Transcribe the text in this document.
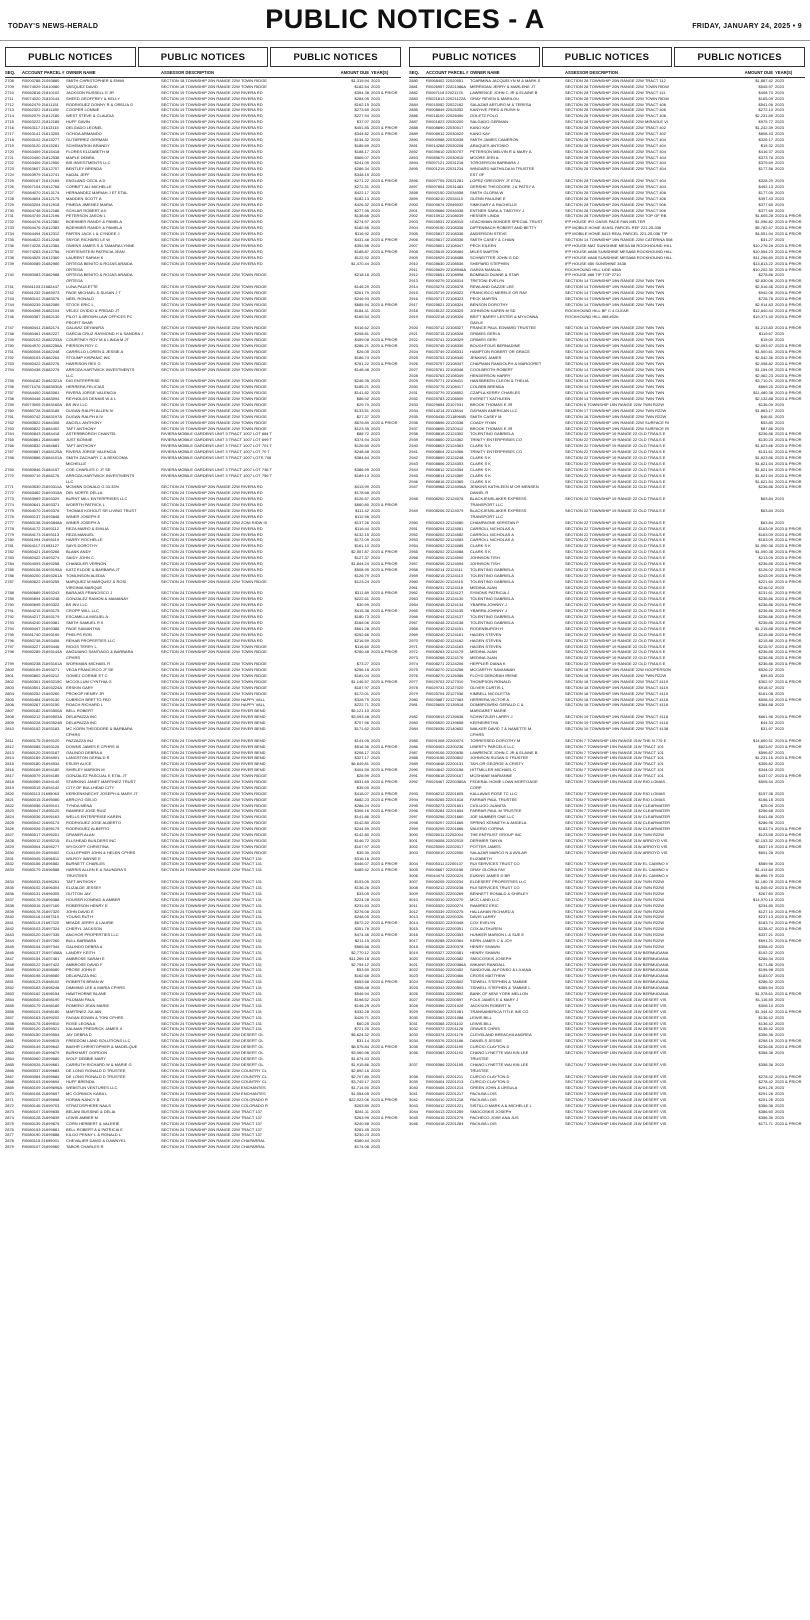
TODAY'S NEWS-HERALD	PUBLIC NOTICES - A	FRIDAY, JANUARY 24, 2025 • 9
PUBLIC NOTICES	PUBLIC NOTICES	PUBLIC NOTICES
SEQ.	ACCOUNT PARCEL # OWNER NAME	ASSESSOR DESCRIPTION	AMOUNT DUE YEAR(S)
2708	R0000788 21093880	SMITH CHRISTOPHER & EMMI	SECTION 18 TOWNSHIP 20N RANGE 22W TOWN RIDGE	$1,319.94 2023
2709	R0074029 21610080	VASQUEZ DAVID	SECTION 18 TOWNSHIP 20N RANGE 22W TOWN RIDGE	$182.54 2023
2710	R0082816 21810102	JACKSON RUSSELL E JR	SECTION 19 TOWNSHIP 20N RANGE 22W RIVERA RD	$394.38 2023 & PRIOR
2711	R0074020 21810144	SHEED GEOFFREY & KELLY	SECTION 19 TOWNSHIP 20N RANGE 22W RIVERA RD	$284.05 2023
2712	R0062479 21611151	RODRIGUEZ DONNY R & ORELIA G	SECTION 19 TOWNSHIP 20N RANGE 22W RIVERA RD	$162.15 2023
2713	R0062322 21811189	COOPER LONNIE	SECTION 19 TOWNSHIP 20N RANGE 22W RIVERA RD	$273.65 2023
2714	R0052079 21812180	WEST STEVE & CLAUDIA	SECTION 19 TOWNSHIP 20N RANGE 22W RIVERA RD	$227.94 2023
2715	R0063222 21812189	HUFF GAVIN	SECTION 19 TOWNSHIP 20N RANGE 22W RIVERA RD	$37.07 2023
2716	R0063117 21613115	DELGADO LEONEL	SECTION 19 TOWNSHIP 20N RANGE 22W RIVERA RD	$451.85 2023 & PRIOR
2717	R0063141 21613205	OCHOA ARMANDO	SECTION 19 TOWNSHIP 20N RANGE 22W RIVERA RD	$344.82 2023 & PRIOR
2718	R0063102 21615277	GUTIERREZ GERMAN	SECTION 19 TOWNSHIP 20N RANGE 22W RIVERA RD	$134.32 2023
2719	R0063120 21615281	SCHEMATKIN BRANDY	SECTION 19 TOWNSHIP 20N RANGE 22W RIVERA RD	$185.69 2023
2720	R0063409 21615418	FLORES ELIZABETH M	SECTION 19 TOWNSHIP 20N RANGE 22W RIVERA RD	$188.17 2023
2721	R0020400 21812538	MAPLE DEBRA	SECTION 19 TOWNSHIP 20N RANGE 22W RIVERA RD	$565.07 2023
2722	R0063409 21612550	BIS INVESTMENTS LLC	SECTION 19 TOWNSHIP 20N RANGE 22W RIVERA RD	$241.09 2023
2723	R0063607 21612707	BENTLEY BRENDA	SECTION 19 TOWNSHIP 20N RANGE 22W RIVERA RD	$286.34 2023
2724	R0063979 21612741	KADAL JEFF	SECTION 19 TOWNSHIP 20N RANGE 22W RIVERA RD	$348.15 2023
2725	R0080187 21612169	ENGLAND CECIL A D	SECTION 19 TOWNSHIP 20N RANGE 22W RIVERA RD	$271.22 2023 & PRIOR
2726	R0067104 21612768	CORBITT ALI MICHELLE	SECTION 19 TOWNSHIP 20N RANGE 22W RIVERA RD	$272.31 2023
2727	R0084070 21613174	HERNANDEZ MARIAH J ET ETAL	SECTION 19 TOWNSHIP 20N RANGE 22W RIVERA RD	$422.17 2023
2728	R0064604 21612175	MADDEN SCOTT A	SECTION 19 TOWNSHIP 20N RANGE 22W RIVERA RD	$182.13 2023
2729	R0083204 21612918	PINEDA JIMENEZ MARIA	SECTION 19 TOWNSHIP 20N RANGE 22W RIVERA RD	$426.32 2023 & PRIOR
2730	R0064748 21612186	SCHLAR ROBERT A II	SECTION 19 TOWNSHIP 20N RANGE 22W RIVERA RD	$277.95 2023
2731	R0064749 21612196	PETERSON JASON L	SECTION 19 TOWNSHIP 20N RANGE 22W RIVERA RD	$138.66 2023
2732	R0064476 21612382	BOEHMER RANDY & PAMELA	SECTION 19 TOWNSHIP 20N RANGE 22W RIVERA RD	$274.97 2023
2733	R0064476 21612383	BOEHMER RANDY & PAMELA	SECTION 19 TOWNSHIP 20N RANGE 22W RIVERA RD	$182.56 2023
2734	R0064494 21612312	PARTIN JACK L & CYNDEE J	SECTION 19 TOWNSHIP 20N RANGE 22W RIVERA RD	$116.92 2023
2735	R0064622 21612248	SNYDE RICHARD LE W	SECTION 19 TOWNSHIP 20N RANGE 22W RIVERA RD	$431.48 2023 & PRIOR
2736	R0074228 21612384	OWENS JAMES S & TAMARA LYNNE	SECTION 19 TOWNSHIP 20N RANGE 22W RIVERA RD	$352.56 2023
2737	R0074263 21612756	HORTENSTEIN PATRICIA JEAN	SECTION 19 TOWNSHIP 20N RANGE 22W RIVERA RD	$188.87 2023 & PRIOR
2738	R0064525 21612360	LAURENT SARAH K	SECTION 19 TOWNSHIP 20N RANGE 22W RIVERA RD	$122.52 2023
2739	R0080089 21682980	ORTEGA BENITO & ROJAS ARAIDA	SECTION 19 TOWNSHIP 20N RANGE 22W RIVERA RD	$1,470.44 2023
ORTEGA
2740	R0080083 21682988	ORTEGA BENITO & ROJAS ARAIDA	SECTION 19 TOWNSHIP 20N RANGE 22W TOWN RIDGE	$218.18 2023
ORTEGA
2741	R0081103 21682447	LUNA PAULETTE	SECTION 19 TOWNSHIP 20N RANGE 22W TOWN RIDGE	$146.29 2023
2742	R0081232 21683073	PAGE MICHAEL & SUSAN J T	SECTION 19 TOWNSHIP 20N RANGE 22W TOWN RIDGE	$261.79 2023
2743	R0080102 21683076	NEEL RONALD	SECTION 19 TOWNSHIP 20N RANGE 22W TOWN RIDGE	$246.93 2023
2744	R0080239 21682089	STOCK ERIC L	SECTION 19 TOWNSHIP 20N RANGE 22W TOWN RIDGE	$685.94 2023 & PRIOR
2745	R0064398 21682104	VELEZ OVIDIO & PRIDAD JT	SECTION 19 TOWNSHIP 20N RANGE 22W TOWN RIDGE	$184.41 2023
2746	R0080387 21682130	PILOT & BROWN LAW OFFICES PC	SECTION 19 TOWNSHIP 20N RANGE 22W TOWN RIDGE	$165.54 2023
PROFIT SHAR
2747	R0080441 21682174	GALAVIZ DEYANIRA	SECTION 19 TOWNSHIP 20N RANGE 22W TOWN RIDGE	$416.62 2023
2748	R0080461 21682227	GARCIA CRUZ RAYMOND H & SANDRA J	SECTION 19 TOWNSHIP 20N RANGE 22W TOWN RIDGE	$208.81 2023
2749	R0082102 21682233A COURTNEY ROY M & LINDA M JT	SECTION 19 TOWNSHIP 20N RANGE 22W TOWN RIDGE	$459.08 2023 & PRIOR
2750	R0064970 21682256A PIERSON ROY C	SECTION 19 TOWNSHIP 20N RANGE 22W TOWN RIDGE	$286.21 2023 & PRIOR
2751	R0080008 21682248	CARRILLO LOREN & JESSIE A	SECTION 19 TOWNSHIP 20N RANGE 22W TOWN RIDGE	$26.05 2023
2752	R0080103 21682264	STOUMP KISPANIC INC	SECTION 19 TOWNSHIP 20N RANGE 22W TOWN RIDGE	$186.74 2023
2753	R0080422 21682276	HARRISON REX G	SECTION 19 TOWNSHIP 20N RANGE 22W TOWN RIDGE	$781.22 2023 & PRIOR
2754	R0080438 21682276	ARROZA HARTWICK INVESTMENTS	SECTION 19 TOWNSHIP 20N RANGE 22W TOWN RIDGE	$148.48 2023
LLC
2755	R0084182 21682321A DIG ENTERPRISE	SECTION 19 TOWNSHIP 20N RANGE 22W TOWN RIDGE	$246.35 2023
2756	R0071076 21683030A HERRERA FELICIAS	SECTION 19 TOWNSHIP 20N RANGE 22W TOWN RIDGE	$185.21 2023
2757	R0084400 21683081	RIVERA JORGE VALENCIA	SECTION 19 TOWNSHIP 20N RANGE 22W TOWN RIDGE	$141.82 2023
2758	R0080446 21683094	REYNOLDS DENNIS W & L	SECTION 19 TOWNSHIP 20N RANGE 22W TOWN RIDGE	$86.92 2023
2759	R0073005 21683160A BS INV LLC	SECTION 19 TOWNSHIP 20N RANGE 22W TOWN RIDGE	$29.70 2023
2760	R0080728 21683185	DUGAN RALPH ALLEN IV	SECTION 19 TOWNSHIP 20N RANGE 22W TOWN RIDGE	$133.51 2023
2761	R0080742 21683197A DUGAN RALPH A IV	SECTION 19 TOWNSHIP 20N RANGE 22W TOWN RIDGE	$27.37 2023
2762	R0080822 21684306	ANCELL ANTHONY	SECTION 19 TOWNSHIP 20N RANGE 22W TOWN RIDGE	$676.89 2023 & PRIOR
2763	R0080822 21684402	TAFT ANTHONY	SECTION 19 TOWNSHIP 20N RANGE 22W TOWN RIDGE	$123.35 2023
2764	R0080843 21684418	ASTERBBORGH CHANTEL	RIVIERA MOBILE GARDENS UNIT 3 TRACT 1007 LOT 684 T	$88.72 2023
2765	R0080861 21684469	JUST BONNIE	RIVIERA MOBILE GARDENS UNIT 3 TRACT 1007 LOT 699 T	$374.94 2023
2766	R0080832 21684681	TAFT ANTHONY	RIVIERA MOBILE GARDENS UNIT 3 TRACT 1007 LOT 701 T	$126.60 2023
2767	R0080887 21684125A RIVERA JORGE VALENCIA	RIVIERA MOBILE GARDENS UNIT 3 TRACT 1007 LOT 70 T	$248.48 2023
2768	R0080886 21684101A SMITH ZACHARY C & BENCOMA	RIVIERA MOBILE GARDENS UNIT 3 TRACT 1007 LOTS 708	$384.64 2023
MICHELLE
2769	R0080846 21684157	COE CHARLES C JT SE	RIVIERA MOBILE GARDENS UNIT 3 TRACT 1007 LOT 736 T	$386.99 2023
2770	R0080719 21684176	ARROZA HARTWICK INVESTMENTS	RIVIERA MOBILE GARDENS UNIT 3 TRACT 1007 LOT 756 T	$189.13 2023
LLC
2771	R0083530 21693311A	MCMINN DONALD G 33.33%	SECTION 24 TOWNSHIP 20N RANGE 22W RIVERA RD	$413.99 2023
2772	R0083462 21693315A DEL NORTE DELLA	SECTION 24 TOWNSHIP 20N RANGE 22W RIVERA RD	$178.68 2023
2773	R0083969 21693329	BURNT MILL ENTERPRISES LLC	SECTION 24 TOWNSHIP 20N RANGE 22W RIVERA RD	$126.57 2023
2774	R0080641 21693371	WOERTH PATRICK L	SECTION 24 TOWNSHIP 20N RANGE 22W RIVERA RD	$660.80 2023 & PRIOR
2775	R0064070 21693376	THOMAS KOHOUT SR LIVING TRUST	SECTION 24 TOWNSHIP 20N RANGE 22W RIVERA RD	$111.42 2023
2776	R0080137 21693848	WINER JOSEPH E	SECTION 24 TOWNSHIP 20N RANGE 22W RIVERA RD	$112.56 2023
2777	R0080138 21693848A WINER JOSEPH A	SECTION 24 TOWNSHIP 20N RANGE 22W ZONI RIDW III	$137.26 2023
2778	R0084172 21693112	REZA MARIO & EMILIA	SECTION 24 TOWNSHIP 20N RANGE 22W RIVERA RD	$116.44 2023
2779	R0084173 21693113	REZA MANUEL	SECTION 24 TOWNSHIP 20N RANGE 22W RIVERA RD	$132.15 2023
2780	R0081094 21693119	HARRY ROCHELLE	SECTION 24 TOWNSHIP 20N RANGE 22W RIVERA RD	$172.09 2023
2781	R0064117 21693127	SAYS DOROTHY	SECTION 24 TOWNSHIP 20N RANGE 22W RIVERA RD	$161.10 2023
2782	R0080421 21693266	BLANK ANDY	SECTION 24 TOWNSHIP 20N RANGE 22W RIVERA RD	$2,557.87 2023 & PRIOR
2783	R0080422 21693274	SAIDY JOHN C	SECTION 24 TOWNSHIP 20N RANGE 22W RIVERA RD	$127.37 2023
2784	R0064093 21693258	CHANDLER VERNON	SECTION 24 TOWNSHIP 20N RANGE 22W RIVERA RD	$1,844.24 2023 & PRIOR
2785	R0080158 21693195A KATZ ELDOE & BARBARA JT	SECTION 24 TOWNSHIP 20N RANGE 22W RIVERA RD	$508.95 2023 & PRIOR
2786	R0080200 21693261A TOMLINSON ALEDIA	SECTION 24 TOWNSHIP 20N RANGE 22W RIVERA RD	$126.79 2023
2787	R0080622 21693255	MARQUEZ M MARQUEZ & ROSI	SECTION 24 TOWNSHIP 20N RANGE 22W TOWN RIDGE	$123.24 2023
VIRGINIA MARQUE
2788	R0080689 21693243	BARAJAS FRANCISCO J	SECTION 24 TOWNSHIP 20N RANGE 22W RIVERA RD	$311.89 2023 & PRIOR
2789	R0080694 21693248	GONZALEZ RAMON & MAMANAY	SECTION 24 TOWNSHIP 20N RANGE 22W RIVERA RD	$222.61 2023
2790	R0080695 21693322	BS INV LLC	SECTION 24 TOWNSHIP 20N RANGE 22W RIVERA RD	$30.99 2023
2791	R0084215 21693175	CROPP WILL LLC	SECTION 24 TOWNSHIP 20N RANGE 22W RIVERA RD	$415.38 2023 & PRIOR
2792	R0084217 21693179	ESCAMILLA MIGUEL A	SECTION 24 TOWNSHIP 20N RANGE 22W RIVERA RD	$180.73 2023
2793	R0084240 21693381	SMITH SAMUEL R II	SECTION 24 TOWNSHIP 20N RANGE 22W RIVERA RD	$166.06 2023
2794	R0080447 21693386	PAGE SAMANTHA	SECTION 24 TOWNSHIP 20N RANGE 22W RIVERA RD	$661.28 2023
2795	R0081740 21693190	PHELPS RON	SECTION 24 TOWNSHIP 20N RANGE 22W RIVERA RD	$252.66 2023
2796	R0080748 21693406	REHAB PROPERTIES LLC	SECTION 24 TOWNSHIP 20N RANGE 22W RIVERA RD	$216.59 2023
2797	R0083227 21693446	RIGGS TERRY L	SECTION 24 TOWNSHIP 20N RANGE 22W TOWN RIDGE	$116.60 2023
2798	R0080289 21693144A ANGUIANO SANTIAGO & BARBARA	SECTION 24 TOWNSHIP 20N RANGE 22W TOWN RIDGE	$780.48 2023 & PRIOR
CPHRS
2799	R0080238 21693161A WORKMAN MICHAEL R	SECTION 24 TOWNSHIP 20N RANGE 22W TOWN RIDGE	$73.27 2023
2800	R0080199 21693271	VEGA FRANCISCO JT SE	SECTION 24 TOWNSHIP 20N RANGE 22W TOWN RIDGE	$256.18 2023
2801	R0080802 21693212	GOMEZ CORINE ET C	SECTION 24 TOWNSHIP 20N RANGE 22W TOWN RIDGE	$181.04 2023
2802	R0080301 21693215C MCCOLLUM CYNTHIA G	SECTION 24 TOWNSHIP 20N RANGE 22W TOWN RIDGE	$1,146.57 2023 & PRIOR
2803	R0083501 21693224A ERSKIN GARY	SECTION 24 TOWNSHIP 20N RANGE 22W TOWN RIDGE	$187.97 2023
2804	R0080252 21693260	PROKOP HENRY JR	SECTION 24 TOWNSHIP 20N RANGE 22W TOWN RIDGE	$172.01 2023
2805	R0080484 21693130	CUBRICH BRETTO FBO	SECTION 24 TOWNSHIP 20N RANGE 22W HAPPY VALL	$328.75 2023
2806	R0080267 21693150	ROACH RICHARD L	SECTION 24 TOWNSHIP 20N RANGE 22W HAPPY VALL	$222.71 2023
2807	R0080182 21693500A BELL ROBERT	SECTION 24 TOWNSHIP 20N RANGE 22W RIVER BEND	$5,121.10 2023
2808	R0080212 21693503A DELAPAZZA INC	SECTION 24 TOWNSHIP 20N RANGE 22W RIVER BEND	$3,093.48 2023
2809	R0080228 21693524B DELAPAZZA INC	SECTION 24 TOWNSHIP 20N RANGE 22W RIVER BEND	$707.96 2023
2810	R0080152 21693183	MC KORN THEODORE & BARBARA	SECTION 24 TOWNSHIP 20N RANGE 22W RIVER BEND	$171.62 2023
CPHRS
2811	R0080175 21693120	PAZZAZZA INJ	SECTION 24 TOWNSHIP 20N RANGE 22W RIVER BEND	$141.05 2023
2812	R0080085 21693126	DOWNS JAMES E CPHRS III	SECTION 24 TOWNSHIP 20N RANGE 22W RIVER BEND	$516.36 2023 & PRIOR
2813	R0080120 21693187	GALINDO DEBRA A	SECTION 24 TOWNSHIP 20N RANGE 22W RIVER BEND	$208.17 2023
2814	R0080189 21694901	LANGSTON GERALD R	SECTION 24 TOWNSHIP 20N RANGE 22W RIVER BEND	$327.17 2023
2815	R0080180 21694934	ESLER ALICE	SECTION 24 TOWNSHIP 20N RANGE 22W RIVER BEND	$6,649.81 2023
2816	R0080169 21694180	SHIRLEY MARION M	SECTION 24 TOWNSHIP 20N RANGE 22W RIVER BEND	$404.59 2023 & PRIOR
2817	R0080079 21694185	GONZALEZ PASCUAL E ETAL JT	SECTION 24 TOWNSHIP 20N RANGE 22W TOWN RIDGE	$28.99 2023
2818	R0080069 21694140	STARKING JANET MARTINEZ TRUST	SECTION 24 TOWNSHIP 20N RANGE 22W TOWN RIDGE	$531.69 2023 & PRIOR
2819	R0080015 21694142	CITY OF BULLHEAD CITY	SECTION 24 TOWNSHIP 20N RANGE 22W TOWN RIDGE	$35.00 2023
2820	R0080113 21695063	KERKENKNECHT JOSEPH & MARY JT	SECTION 24 TOWNSHIP 20N RANGE 22W TOWN RIDGE	$418.07 2023 & PRIOR
2821	R0080015 21695080	ARROYO GELIO	SECTION 24 TOWNSHIP 20N RANGE 22W TOWN RIDGE	$682.23 2023 & PRIOR
2822	R0080056 21695101	TYNDA MENA	SECTION 24 TOWNSHIP 20N RANGE 22W TOWN RIDGE	$286.24 2023
2823	R0080047 21695120	RAMIREZ JOSE RUIZ	SECTION 24 TOWNSHIP 20N RANGE 22W TOWN RIDGE	$306.16 2023 & PRIOR
2824	R0080036 21695163	WELLS ENTERPRISE KAREN	SECTION 24 TOWNSHIP 20N RANGE 22W TOWN RIDGE	$141.86 2023
2825	R0080042 21695174	RODRIGUEZ JOSE ALBERTO	SECTION 24 TOWNSHIP 20N RANGE 22W TOWN RIDGE	$142.80 2023
2826	R0080026 21695175	RODRIGUEZ ALBERTO	SECTION 24 TOWNSHIP 20N RANGE 22W TOWN RIDGE	$244.59 2023
2827	R0080017 21695201	GRANER ALAN	SECTION 24 TOWNSHIP 20N RANGE 22W TOWN RIDGE	$142.80 2023
2828	R0080012 21695215	ELLSHEAD BUILDERS INC	SECTION 24 TOWNSHIP 20N RANGE 22W TOWN RIDGE	$146.72 2023
2829	R0080004 21695277	WYCKOFF CHRISTINA	SECTION 24 TOWNSHIP 20N RANGE 22W TOWN RIDGE	$167.97 2023
2830	R0080109 21695402	CULLEPHER JOHN & HELEN CPHRS	SECTION 24 TOWNSHIP 20N RANGE 22W TOWN RIDGE	$35.30 2023
2831	R0080045 21696511	WILROY WAYNE E	SECTION 24 TOWNSHIP 20N RANGE 22W TRACT 131	$316.16 2023
2832	R0080156 21696582	BURNETT CHARLES	SECTION 24 TOWNSHIP 20N RANGE 22W TRACT 131	$446.07 2023 & PRIOR
2833	R0080179 21696588	HARRIS ALLEN E & SAUNDRA S	SECTION 24 TOWNSHIP 20N RANGE 22W TRACT 131	$489.42 2023 & PRIOR
TRUSTEES
2834	R0080033 21696261	TAFT ANTHONY	SECTION 24 TOWNSHIP 20N RANGE 22W TRACT 131	$153.05 2023
2835	R0080102 21696304	ELIZALDE JESSEY	SECTION 24 TOWNSHIP 20N RANGE 22W TRACT 131	$136.26 2023
2836	R0080131 21696305	GUTTON JAY	SECTION 24 TOWNSHIP 20N RANGE 22W TRACT 131	$33.05 2023
2837	R0080176 21696388	HOUSER KONRAD & AMBER	SECTION 24 TOWNSHIP 20N RANGE 22W TRACT 131	$224.28 2023
2838	R0080016 21697160	ROBERSON HENRY E	SECTION 24 TOWNSHIP 20N RANGE 22W TRACT 131	$231.63 2023
2839	R0080178 21697320	JOHN DAVID E	SECTION 24 TOWNSHIP 20N RANGE 22W TRACT 131	$276.08 2023
2840	R0080116 21697310	YOUNG RUTH	SECTION 24 TOWNSHIP 20N RANGE 22W TRACT 131	$248.05 2023
2841	R0080119 21697320	MEADE JERRY & LAURIE	SECTION 24 TOWNSHIP 20N RANGE 22W TRACT 131	$672.22 2023 & PRIOR
2842	R0080103 21697324	CHERYL JACKSON	SECTION 24 TOWNSHIP 20N RANGE 22W TRACT 131	$351.78 2023
2843	R0080120 21697335	ANCHOR PROPERTIES LLC	SECTION 24 TOWNSHIP 20N RANGE 22W TRACT 131	$474.46 2023 & PRIOR
2844	R0080147 21697260	BULL BARBARA	SECTION 24 TOWNSHIP 20N RANGE 22W TRACT 131	$211.15 2023
2845	R0080104 21697344	GALINDO DEBRA A	SECTION 24 TOWNSHIP 20N RANGE 22W TRACT 131	$565.58 2023
2846	R0080137 21697458A LANDRY KEITH	SECTION 24 TOWNSHIP 20N RANGE 22W TRACT 131	$2,770.12 2023
2847	R0080154 21697461	AMBROSE SARAH E	SECTION 24 TOWNSHIP 20N RANGE 22W TRACT 131	$11,269.18 2023
2848	R0080122 21697422	AMBROSE DAVID F	SECTION 24 TOWNSHIP 20N RANGE 22W TRACT 131	$2,754.12 2023
2849	R0080010 21698080	PROSE JOHN E	SECTION 24 TOWNSHIP 20N RANGE 22W TRACT 131	$53.50 2023
2850	R0080198 21698080	DELAPAZZA INC	SECTION 24 TOWNSHIP 20N RANGE 22W TRACT 131	$162.68 2023
2851	R0080123 21698102	ROBERTS BRIAN W	SECTION 24 TOWNSHIP 20N RANGE 22W TRACT 131	$653.68 2023 & PRIOR
2852	R0080183 21698248	DIMMING LEE & MARIA CPHRS	SECTION 24 TOWNSHIP 20N RANGE 22W TRACT 131	$306.48 2023
2853	R0080162 21698154	HAWTHORNE BLANE	SECTION 24 TOWNSHIP 20N RANGE 22W TRACT 131	$546.94 2023
2854	R0080040 21698190	PILDMAN PAUL	SECTION 24 TOWNSHIP 20N RANGE 22W TRACT 131	$198.52 2023
2855	R0080179 21698180	ROMERO JEAN MARIE	SECTION 24 TOWNSHIP 20N RANGE 22W TRACT 131	$146.25 2023
2856	R0080101 21698180	MARTINEZ JULIAN	SECTION 24 TOWNSHIP 20N RANGE 22W TRACT 131	$332.28 2023
2857	R0080163 21699202	FAGAN EDWIN & TONI CPHRS	SECTION 24 TOWNSHIP 20N RANGE 22W TRACT 131	$426.71 2023
2858	R0080175 21699510	ROSE LEONA A	SECTION 24 TOWNSHIP 20N RANGE 22W TRACT 131	$60.25 2023
2859	R0080120 21699521	KALMAN FREDRICK JAMES II	SECTION 24 TOWNSHIP 20N RANGE 22W TRACT 131	$721.25 2023
2860	R0080150 21699554	JAY DEBRA D	SECTION 24 TOWNSHIP 20N RANGE 22W DESERT GL	$6,624.32 2023
2861	R0080019 21699615	FREEDOM LAND SOLUTIONS LLC	SECTION 24 TOWNSHIP 20N RANGE 22W DESERT GL	$31.14 2023
2862	R0080149 21699642	BAEHR CHRISTOPHER & MADELQUE	SECTION 24 TOWNSHIP 20N RANGE 22W DESERT GL	$8,575.84 2023 & PRIOR
2863	R0080169 21699679	BURKHART GORDON	SECTION 24 TOWNSHIP 20N RANGE 22W DESERT GL	$3,060.96 2023
2864	R0080060 21699680	WOLF DEBBIE MARY	SECTION 24 TOWNSHIP 20N RANGE 22W DESERT GL	$1,874.43 2023
2865	R0080026 21699681	CARRUTH RICHARD W & MARIE G	SECTION 24 TOWNSHIP 20N RANGE 22W DESERT GL	$1,915.86 2023
2866	R0080037 21699683	DE LONG RONALD D TRUSTEE	SECTION 24 TOWNSHIP 20N RANGE 22W COUNTRY CL	$2,892.16 2023
2867	R0080084 21699684	DE LONG RONALD D TRUSTEE	SECTION 24 TOWNSHIP 20N RANGE 22W COUNTRY CL	$2,707.80 2023
2868	R0080103 21699694	HUFF BRENDA	SECTION 24 TOWNSHIP 20N RANGE 22W COUNTRY CL	$3,749.17 2023
2869	R0080109 21699696A WEBSTUN VENTURES LLC	SECTION 24 TOWNSHIP 20N RANGE 22W ENCHANTES	$1,714.50 2023
2870	R0080108 21699697	MC CORMICK KARA L	SECTION 24 TOWNSHIP 20N RANGE 22W ENCHANTES	$1,554.05 2023
2871	R0080107 21699698	HORAN NANCY B	SECTION 24 TOWNSHIP 20N RANGE 22W COLORADO R	$22,022.06 2023 & PRIOR
2872	R0080146 21699703	STRATOSPHERE NAILS	SECTION 24 TOWNSHIP 20N RANGE 22W COLORADO R	$263.89 2023
2873	R0080107 21699835	BELANI BUSSINE & DELIA	SECTION 24 TOWNSHIP 20N RANGE 22W TRACT 137	$281.11 2023
2874	R0080128 21699839	LEWIS AMBER M	SECTION 24 TOWNSHIP 20N RANGE 22W TRACT 137	$263.99 2023 & PRIOR
2875	R0080139 21699875	CORN HERBERT & VALERIE	SECTION 24 TOWNSHIP 20N RANGE 22W TRACT 137	$240.58 2023
2876	R0080153 21699881	BELL ROBERT A & PATRICIA E	SECTION 24 TOWNSHIP 20N RANGE 22W TRACT 137	$281.45 2023
2877	R0080190 21699888	KILGO PENNY L & RONALD L	SECTION 24 TOWNSHIP 20N RANGE 22W TRACT 137	$230.23 2023
2878	R0080115 21699901	CHEVALIER DAVID & DAWNYEL	SECTION 24 TOWNSHIP 20N RANGE 22W CHAPARRAL	$380.44 2023
2879	R0080107 21699960	TABOR CHARLES R	SECTION 24 TOWNSHIP 20N RANGE 22W CHAPARRAL	$174.08 2023
PUBLIC NOTICES	PUBLIC NOTICES	PUBLIC NOTICES
SEQ.	ACCOUNT PARCEL # OWNER NAME	ASSESSOR DESCRIPTION	AMOUNT DUE YEAR(S)
2880	R0068402 22020051	TOARMINA JACQUELYN M & MARK S	SECTION 28 TOWNSHIP 20N RANGE 22W TRACT 112	$1,887.42 2023
2881	R0026957 22021086A MERRIGAN JERRY & MARLENE JT	SECTION 28 TOWNSHIP 20N RANGE 22W TOWN RIDW	$545.97 2023
2882	R0067118 22021178	LAWRENCE JOHN C JR & ELAINE B	SECTION 28 TOWNSHIP 20N RANGE 22W TRACT 111	$408.70 2023
2883	R0021813 22021122A	GRAY REVEN & MARILOU	SECTION 28 TOWNSHIP 20N RANGE 22W TOWN RIDW	$165.09 2023
2884	R0015052 22022162	SALAZAR ARTURO M & TERESA	SECTION 28 TOWNSHIP 20N RANGE 22W TRACT 406	$541.06 2023
2885	R0008849 22026352	KANYIVE FRED & RUSH N	SECTION 28 TOWNSHIP 20N RANGE 22W TRACT 406	$272.10 2023
2886	R0018100 22026450	GOLETZ FOLO	SECTION 28 TOWNSHIP 20N RANGE 22W TRACT 406	$2,231.89 2023
2887	R0001823 22030200	SALGADO GERMAN	SECTION 28 TOWNSHIP 20N RANGE 22W MIRAGLE VI	$975.77 2023
2888	R0008890 22030017	KANO KAY	SECTION 28 TOWNSHIP 20N RANGE 22W TRACT 402	$1,242.39 2023
2889	R0008912 22030020	KANO KAY	SECTION 28 TOWNSHIP 20N RANGE 22W TRACT 402	$808.43 2023
2890	R0000988 22030038	SMITH JAMES CAMERON	SECTION 28 TOWNSHIP 20N RANGE 22W TRACT 404	$326.17 2023
2891	R0014268 22030208	ARAQUES ANTONIO	SECTION 28 TOWNSHIP 20N RANGE 22W TRACT 404	$15.32 2023
2892	R0039610 22030707	PETERSON MELVIN R & MARY A	SECTION 28 TOWNSHIP 20N RANGE 22W TRACT 404	$416.37 2023
2893	R0085679 22030915	MOORE JERI A	SECTION 28 TOWNSHIP 20N RANGE 22W TRACT 404	$373.78 2023
2894	R0097121 22031218	TORGERSON BARBARA J	SECTION 28 TOWNSHIP 20N RANGE 22W TRACT 404	$379.69 2023
2895	R0001219 22031234	WINGARD MATHILDA M TRUSTEE	SECTION 28 TOWNSHIP 20N RANGE 22W TRACT 404	$177.56 2023
EST OF
2896	R0097705 22031281	LOPEZ GREGORY JT ETAL	SECTION 28 TOWNSHIP 20N RANGE 22W TRACT 404	$328.20 2023
2897	R0097804 22031483	GERSHE THEODORE J & PATSY A	SECTION 28 TOWNSHIP 20N RANGE 22W TRACT 404	$492.13 2023
2898	R0092150 22034058	SMITH GLORIA W	SECTION 28 TOWNSHIP 20N RANGE 22W TRACT 406	$177.05 2023
2899	R0008210 22034110	GLENN PAULINE E	SECTION 28 TOWNSHIP 20N RANGE 22W TRACT 406	$397.43 2023
2900	R0009674 22046032	SIMKGARY & RACHELLE	SECTION 28 TOWNSHIP 20N RANGE 22W TRACT 506	$377.65 2023
2901	R0009666 22046038	ENTNER SARA & TIMOTHY J	SECTION 28 TOWNSHIP 20N RANGE 22W TRACT 506	$377.65 2023
2902	R0015912 22108039	HESSER LINDA	SECTION 28 TOWNSHIP 20N RANGE 22W TOP OF RB	$1,605.28 2023 & PRIOR
2903	R0025531 22108315	LEACHMAN BONDER SPECIAL TRUST	IFP HOUSE IFO OASIS PACE FAN MELTER	$1,096.82 2023 & PRIOR
2904	R0009150 22108336	DIFFENBACH ROBERT AND BETTY	IFP MOBILE HOME IN ASL PARCEL REF 221-25-036	$5,782.47 2023 & PRIOR
2905	R0025817 22108336	ANDERSON STEVE	IFP MOBILE HOME 8413 REAL PARCEL 221-25-036 TIP	$4,551.94 2023 & PRIOR
2906	R0025617 22108336	SMITH CASEY & CHAIN	SECTION 14 TOWNSHIP 19N RANGE 22W CATERINA 508	$31.27 2023
2907	R0025601 22108347	PECK EILEEN	IFP HOUSE MAT SUNSHINE MESA 68 ROCKHOUND HILL	$10,276.26 2023 & PRIOR
2908	R0025615 22108484	MILES MARTIN	IFP HOUSE #A56 SUNSHINE MESA68 ROCKHOUND HILL	$10,554.23 2023 & PRIOR
2909	R0026929 22108488	SCHNEITTER JOHN G DD	IFP HOUSE #A68 SUNSHINE MESA68 ROCKHOUND HILL	$11,296.80 2023 & PRIOR
2910	R0028630 22108536	SHEPARD STEPHEN	IFP HOUSE #50 SUNSHINE 3438	$13,813.22 2023 & PRIOR
2911	R0026629 22108548A GARZA MANUAL	ROCKHOUND HILL LIDE #36A	$10,202.30 2023 & PRIOR
2912	R0026651 22108598	BOMBAGI DUANE & STAR	IFP HOUSE #66 TIP TOP 2710	$278.86 2023
2913	R0009279 22108314	TRETONI EVELYN	SECTION 14 TOWNSHIP 19N RANGE 22W TWN TWN	$2,830.06 2023 & PRIOR
2914	R0025274 22108378	REWLAND DAZZIE LEE	SECTION 14 TOWNSHIP 19N RANGE 22W TWN TWN	$2,516.46 2023 & PRIOR
2915	R0025719 22108322	FRANCISCO MERELE OR RAY	SECTION 14 TOWNSHIP 19N RANGE 22W TWN TWN	$942.06 2023 & PRIOR
2916	R0025717 22108323	PECK MARTIN	SECTION 14 TOWNSHIP 19N RANGE 22W TWN TWN	$726.78 2023 & PRIOR
2917	R0025621 22108324	BENSON DOROTHY	SECTION 14 TOWNSHIP 19N RANGE 22W TWN TWN	$2,914.83 2023 & PRIOR
2918	R0028122 22108325	JOHNSON KAREN M SD	ROCKHOUND HILL BF C 4 CLEAR	$12,840.44 2023 & PRIOR
2919	R0002218 22108326	BRITT BARRY LESTER & MYVONNA	ROCKHOUND HILL #68 #02b	$19,371.40 2023 & PRIOR
GAYLE
2920	R0025712 22108327	FRANCE PAUL EDWARD TRUSTEE	SECTION 14 TOWNSHIP 19N RANGE 22W TWN TWN	$1,213.83 2023 & PRIOR
2921	R0025715 22108328	GRIMES GERI A	SECTION 14 TOWNSHIP 19N RANGE 22W TWN TWN	$119.67 2023
2922	R0025741 22108329	GRIMES GERI	SECTION 14 TOWNSHIP 19N RANGE 22W TWN TWN	$15.00 2023
2923	R0025745 22108330	BOUGHTOUS BERNADINE	SECTION 14 TOWNSHIP 19N RANGE 22W TWN TWN	$2,093.97 2023 & PRIOR
2924	R0025749 22108331	HAMPTON ROBERT OR GRACE	SECTION 14 TOWNSHIP 19N RANGE 22W TWN TWN	$1,500.61 2023 & PRIOR
2925	R0025753 22108340	JENKINS JAMES	SECTION 14 TOWNSHIP 19N RANGE 22W TWN TWN	$2,542.36 2023 & PRIOR
2926	R0025757 22108347	CHAPMAN RANDOLPH & MARGORET	SECTION 14 TOWNSHIP 19N RANGE 22W TWN TWN	$2,098.82 2023 & PRIOR
2927	R0025761 22108348	COOLBROTH ROBERT	SECTION 14 TOWNSHIP 19N RANGE 22W TWN TWN	$1,154.00 2023 & PRIOR
2928	R0026763 22108349	HENDERSON HARRY	SECTION 14 TOWNSHIP 19N RANGE 22W TWN TWN	$2,062.23 2023 & PRIOR
2929	R0025771 22108411	HANSBREEN CLEON & THELIA	SECTION 14 TOWNSHIP 19N RANGE 22W TWN TWN	$3,710.21 2023 & PRIOR
2930	R0025775 22108417	COLBEB BRENDA	SECTION 14 TOWNSHIP 19N RANGE 22W TWN TWN	$669.25 2023 & PRIOR
2931	R0025779 22108502	CZAPLA KERRY CHARLES	SECTION 14 TOWNSHIP 19N RANGE 22W TWN TWN	$11,480.36 2023 & PRIOR
2932	R0025783 22108509	EVERETT KATHLEEN	SECTION 14 TOWNSHIP 19N RANGE 22W TWN TWN	$2,132.88 2023 & PRIOR
2933	R0029854 22107031	BROOK THOMAS E JR	SECTION 6 TOWNSHIP 19N RANGE 22W TWN R22W	$136.09 2023
2934	R0014214 22113844	GAYMAN AMERICAN LLC	SECTION 17 TOWNSHIP 19N RANGE 22W TWN R22W	$1,863.17 2023
2935	R0005436 22118960B	SMITH CASEY M	SECTION 18 TOWNSHIP 19N RANGE 22W TWN R22W	$46.81 2023
2936	R0008896 22120338	COADY RYAN	SECTION 22 TOWNSHIP 19N RANGE 22W SURFACE RI	$53.80 2023
2937	R0008895 22120412	BROOK THOMAS E JR	SECTION 22 TOWNSHIP 19N RANGE 22W SURFACE RI	$87.86 2023
2938	R0008818 22124352	TOLENTINO GABRIELA	SECTION 22 TOWNSHIP 19 RANGE 22 OLD TRAILS E	$236.86 2023 & PRIOR
2939	R0008800 22124362	TRINITY ENTERPRISES CO	SECTION 22 TOWNSHIP 19 RANGE 22 OLD TRAILS E	$130.23 2023 & PRIOR
2940	R0008803 22124363	CLARK S K	SECTION 22 TOWNSHIP 19 RANGE 22 OLD TRAILS E	$1,623.86 2023 & PRIOR
2941	R0008804 22124366	TRINITY ENTERPRISES CO	SECTION 22 TOWNSHIP 19 RANGE 22 OLD TRAILS E	$131.61 2023 & PRIOR
2942	R0008809 22124248	CLARK S K	SECTION 22 TOWNSHIP 19 RANGE 22 OLD TRAILS E	$1,623.86 2023 & PRIOR
2943	R0008806 22124353	CLARK S K	SECTION 22 TOWNSHIP 19 RANGE 22 OLD TRAILS E	$1,621.54 2023 & PRIOR
2944	R0008812 22124354	CLARK S K	SECTION 22 TOWNSHIP 19 RANGE 22 OLD TRAILS E	$1,621.54 2023 & PRIOR
2945	R0008814 22124360	CLARK S K	SECTION 22 TOWNSHIP 19 RANGE 22 OLD TRAILS E	$1,621.54 2023 & PRIOR
2946	R0008816 22124365	CLARK S K	SECTION 22 TOWNSHIP 19 RANGE 22 OLD TRAILS E	$1,621.54 2023 & PRIOR
2947	R0008968 22124056A JENKINS KATHLEEN M OR MENSEN	SECTION 22 TOWNSHIP 19 RANGE 22 OLD TRAILS E	$236.86 2023 & PRIOR
DANIEL R
2948	R0008202 22124078	BLACKJENSLAKER EXPRESS	SECTION 22 TOWNSHIP 19 RANGE 22 OLD TRAILS E	$63.84 2023
TRANSPORT LLC
2949	R0008206 22124079	BLACKJENSLAKER EXPRESS	SECTION 22 TOWNSHIP 19 RANGE 22 OLD TRAILS E	$63.84 2023
TRANSPORT LLC
2950	R0008203 22124080	CHAMPAGNE KERSTAN P	SECTION 22 TOWNSHIP 19 RANGE 22 OLD TRAILS E	$63.84 2023
2951	R0008204 22124081	CARROLL NICHOLAS A	SECTION 22 TOWNSHIP 19 RANGE 22 OLD TRAILS E	$163.09 2023 & PRIOR
2952	R0008202 22124082	CARROLL NICHOLAS A	SECTION 22 TOWNSHIP 19 RANGE 22 OLD TRAILS E	$163.09 2023 & PRIOR
2953	R0008202 22124083	CARROLL NICHOLAS A	SECTION 22 TOWNSHIP 19 RANGE 22 OLD TRAILS E	$163.09 2023 & PRIOR
2954	R0008202 22124085	CLARK S K	SECTION 22 TOWNSHIP 19 RANGE 22 OLD TRAILS E	$1,090.38 2023 & PRIOR
2955	R0008202 22124088	CLARK S K	SECTION 22 TOWNSHIP 19 RANGE 22 OLD TRAILS E	$1,090.38 2023 & PRIOR
2956	R0008206 22124090	JOHNSON TISH	SECTION 22 TOWNSHIP 19 RANGE 22 OLD TRAILS E	$213.09 2023 & PRIOR
2957	R0008206 22124094	JOHNSON TISH	SECTION 22 TOWNSHIP 19 RANGE 22 OLD TRAILS E	$236.86 2023 & PRIOR
2958	R0008214 22124111	TOLENTINO GABRIELA	SECTION 22 TOWNSHIP 19 RANGE 22 OLD TRAILS E	$126.02 2023 & PRIOR
2959	R0008215 22124113	TOLENTINO GABRIELA	SECTION 22 TOWNSHIP 19 RANGE 22 OLD TRAILS E	$243.09 2023 & PRIOR
2960	R0008220 22124115	TOLENTINO GABRIELA	SECTION 22 TOWNSHIP 19 RANGE 22 OLD TRAILS E	$221.60 2023 & PRIOR
2961	R0008231 22124118	MEDINA JUAN	SECTION 22 TOWNSHIP 19 RANGE 22 OLD TRAILS E	$216.02 2023
2962	R0008232 22124127	SYMONS PATRICIA J	SECTION 22 TOWNSHIP 19 RANGE 22 OLD TRAILS E	$131.61 2023 & PRIOR
2963	R0008234 22124130	TOLENTINO GABRIELA	SECTION 22 TOWNSHIP 19 RANGE 22 OLD TRAILS E	$236.86 2023 & PRIOR
2964	R0008246 22124134	YBARRA JOHNNY J	SECTION 22 TOWNSHIP 19 RANGE 22 OLD TRAILS E	$236.86 2023 & PRIOR
2965	R0008241 22124135	YBARRA JOHNNY J	SECTION 22 TOWNSHIP 19 RANGE 22 OLD TRAILS E	$236.86 2023 & PRIOR
2966	R0008244 22124137	TOLENTINO GABRIELA	SECTION 22 TOWNSHIP 19 RANGE 22 OLD TRAILS E	$236.86 2023 & PRIOR
2967	R0008248 22124138	TOLENTINO GABRIELA	SECTION 22 TOWNSHIP 19 RANGE 22 OLD TRAILS E	$236.86 2023 & PRIOR
2968	R0008240 22124151	RODENBURGH H	SECTION 22 TOWNSHIP 19 RANGE 22 OLD TRAILS E	$1,215.88 2023 & PRIOR
2969	R0008240 22124161	HAGEN STEVEN	SECTION 22 TOWNSHIP 19 RANGE 22 OLD TRAILS E	$215.88 2023 & PRIOR
2970	R0008240 22124162	HAGEN STEVEN	SECTION 22 TOWNSHIP 19 RANGE 22 OLD TRAILS E	$215.88 2023 & PRIOR
2971	R0008240 22124163	HAGEN STEVEN	SECTION 22 TOWNSHIP 19 RANGE 22 OLD TRAILS E	$215.97 2023 & PRIOR
2972	R0008263 22124175	MEDINA JUAN	SECTION 22 TOWNSHIP 19 RANGE 22 OLD TRAILS E	$236.86 2023 & PRIOR
2973	R0008268 22124176	MEDINA JUAN	SECTION 22 TOWNSHIP 19 RANGE 22 OLD TRAILS E	$236.86 2023 & PRIOR
2974	R0008271 22124206	HEPPLER DIANA K	SECTION 22 TOWNSHIP 19 RANGE 22 OLD TRAILS E	$236.86 2023 & PRIOR
2975	R0008270 22124258	MCCARTHY SAVANNAH	SECTION 18 TOWNSHIP 19N RANGE 22W HOOPERSON	$526.22 2023
2976	R0008270 22126386	FLOYD DEBORAH IRENE	SECTION 18 TOWNSHIP 19N RANGE 22W TWN R22W	$35.83 2023
2977	R0029703 22127010	THOMPSON RONALD	SECTION 18 TOWNSHIP 19N RANGE 22W TRACT 4119	$302.97 2023 & PRIOR
2978	R0029731 22127020	OLIVER CURTIS L	SECTION 18 TOWNSHIP 19N RANGE 22W TRACT 4119	$918.47 2023
2979	R0025704 22127036	KIMBELL NICOLETTA	SECTION 18 TOWNSHIP 19N RANGE 22W TRACT 4119	$161.08 2023
2980	R0025887 22127083	HERRERA VICTOR A	SECTION 18 TOWNSHIP 19N RANGE 22W TRACT 4118	$508.44 2023 & PRIOR
2981	R0025605 22139518	DOMBROWSKI GERALD C &	SECTION 18 TOWNSHIP 19N RANGE 22W TRACT 4118	$364.88 2023
MARGARET MARIE
2982	R0005513 22139638	SCHINTZLER LARRY J	SECTION 19 TOWNSHIP 19N RANGE 22W TRACT 4118	$661.96 2023 & PRIOR
2983	R0005520 22139658	KEENEIRETHA	SECTION 19 TOWNSHIP 19N RANGE 22W TRACT 4118	$44.33 2023
2984	R0026036 22140652	WALKER DAVID T & NANETTE M	SECTION 19 TOWNSHIP 19N RANGE 22W TRACT 4138	$31.97 2023
CPHRS
2985	R0091008 22200074	TORRESSED DOROTHY M	SECTION 7 TOWNSHIP 19N RANGE 21W THE N 775 E	$14,800.51 2023 & PRIOR
2986	R0005403 22200236	LIBERTY PARCELS LLC	SECTION 7 TOWNSHIP 19N RANGE 21W TRACT 101	$623.87 2023 & PRIOR
2987	R0009106 22200636	LAWRENCE JOHN C JR & ELAINE B	SECTION 7 TOWNSHIP 19N RANGE 21W TRACT 101	$596.87 2023
2988	R0004156 22200802	JOHNSON SUSAN D TRUSTEE	SECTION 7 TOWNSHIP 19N RANGE 21W TRACT 101	$1,231.16 2023 & PRIOR
2989	R0004648 22200131	TAYLOR GEORGE & CRISTY	SECTION 7 TOWNSHIP 19N RANGE 21W TRACT 101	$306.82 2023
2990	R0004642 22200158	HITTMILLER MICHAEL C	SECTION 7 TOWNSHIP 19N RANGE 21W TRACT 101	$344.03 2023
2991	R0005618 22200167	MCSHANE MARIANNE	SECTION 7 TOWNSHIP 19N RANGE 21W TRACT 101	$437.07 2023 & PRIOR
2992	R0025467 22200380A FEDERAL HOME LOAN MORTGAGE	SECTION 7 TOWNSHIP 19N RANGE 21W RIO LOMAS	$505.44 2023
CORP
2993	R0008212 22201605	KALLAVAS ROSE TC LLC	SECTION 7 TOWNSHIP 19N RANGE 21W RIO LOMAS	$157.38 2023
2994	R0005265 22201618	FARRAR PAUL TRUSTEE	SECTION 7 TOWNSHIP 19N RANGE 21W RIO LOMAS	$156.16 2023
2995	R0005273 22201651	CIOLUGO JUANITA	SECTION 7 TOWNSHIP 19N RANGE 21W CLEARWATER	$25.09 2023
2996	R0005284 22201654	FARRAR PAUL M TRUSTEE	SECTION 7 TOWNSHIP 19N RANGE 21W CLEARWATER	$256.68 2023
2997	R0005296 22201660	JOE NUMBER ONE LLC	SECTION 7 TOWNSHIP 19N RANGE 21W CLEARWATER	$441.86 2023
2998	R0005297 22201665	SPRING KENNETH & ANGELA	SECTION 7 TOWNSHIP 19N RANGE 21W CLEARWATER	$286.96 2023
2999	R0005299 22201666	VALERIO CORINA	SECTION 7 TOWNSHIP 19N RANGE 21W CLEARWATER	$183.74 2023 & PRIOR
3000	R0026011 22202004	THE ENTRUST GROUP INC	SECTION 7 TOWNSHIP 19N RANGE 21W TWN R22W	$123.58 2023 & PRIOR
3001	R0026008 22202015	DERIMER TANYA	SECTION 7 TOWNSHIP 19N RANGE 21W ARROYO VIS	$2,153.32 2023 & PRIOR
3002	R0025009 22202017	POTTER JAMES	SECTION 7 TOWNSHIP 19N RANGE 21W ARROYO VIS	$637.19 2023 & PRIOR
3003	R0005010 22202050	SALAZAR MARCO N & AVILAR	SECTION 7 TOWNSHIP 19N RANGE 21W ARROYO VIS	$601.28 2023
ELIZABETH
3004	R0005311 22200137	RUI SERVICES TRUST CO	SECTION 7 TOWNSHIP 19N RANGE 21W EL CAMINO V	$589.96 2023
3005	R0005667 22200156	GRAY GLORIA FAY	SECTION 7 TOWNSHIP 19N RANGE 21W EL CAMINO V	$1,414.84 2023
3006	R0044474 22200224	EUKINS JAMES D BR	SECTION 7 TOWNSHIP 19N RANGE 21W EL CAMINO V	$6,896.79 2023
3007	R0005205 22200234	ELDESERT PROPERTIES LLC	SECTION 7 TOWNSHIP 19N RANGE 21W TWN R22W	$1,180.78 2023 & PRIOR
3008	R0005212 22200238	RUI SERVICES TRUST CO	SECTION 7 TOWNSHIP 19N RANGE 21W TWN R22W	$1,545.92 2023 & PRIOR
3009	R0005320 22200269	BENNETT RONALD & SHIRLEY	SECTION 7 TOWNSHIP 19N RANGE 21W TWN R22W	$267.60 2023
3010	R0005310 22200270	MCC LAND LLC	SECTION 7 TOWNSHIP 19N RANGE 21W TWN R22W	$14,070.10 2023
3011	R0005320 22200274	RAMIREZ ERIC	SECTION 7 TOWNSHIP 19N RANGE 21W TWN R22W	$234.80 2023
3012	R0005339 22200275	HALLAHAN RICHARD A	SECTION 7 TOWNSHIP 19N RANGE 21W TWN R22W	$127.10 2023 & PRIOR
3013	R0005318 22200326	DAVIS LARRY	SECTION 7 TOWNSHIP 19N RANGE 21W TWN R22W	$237.13 2023 & PRIOR
3014	R0005320 22200348	COX EVELYN	SECTION 7 TOWNSHIP 19N RANGE 21W TWN R22W	$183.74 2023 & PRIOR
3015	R0005319 22200351	COX AUTHUREN	SECTION 7 TOWNSHIP 19N RANGE 21W TWN R22W	$238.47 2023 & PRIOR
3016	R0005320 22200353	HUNKER MARION L & SUE E	SECTION 7 TOWNSHIP 19N RANGE 21W TWN R22W	$337.21 2023
3017	R0005268 22200364	KERN JAMES C & JOY	SECTION 7 TOWNSHIP 19N RANGE 21W TWN R22W	$691.21 2023 & PRIOR
3018	R0005326 22200378	HENRY SHAWN	SECTION 7 TOWNSHIP 19N RANGE 21W TWN R22W	$308.42 2023
3019	R0005327 22200381	HENRY SHAWN	SECTION 7 TOWNSHIP 19N RANGE 21W BERMUDANA	$192.22 2023
3020	R0005328 22200382	SMOCOSKIS JOSEPH	SECTION 7 TOWNSHIP 19N RANGE 21W BERMUDANA	$286.34 2023
3021	R0005330 22200386A WIKANS RANDALL	SECTION 7 TOWNSHIP 19N RANGE 21W BERMUDANA	$171.86 2023
3022	R0005340 22200452	SANDOVAL ALFONSO & LILIANA	SECTION 7 TOWNSHIP 19N RANGE 21W BERMUDANA	$196.98 2023
3023	R0005341 22200466	CROSS MATTHEW	SECTION 7 TOWNSHIP 19N RANGE 21W BERMUDANA	$183.07 2023
3024	R0005342 22200502	TIDWELL STEPHEN & TAMMIE	SECTION 7 TOWNSHIP 19N RANGE 21W BERMUDANA	$286.32 2023
3025	R0005343 22200503	TIDWELL STEPHEN & TAMMIE L	SECTION 7 TOWNSHIP 19N RANGE 21W BERMUDANA	$365.54 2023
3026	R0005354 22200592	BANK OF NEW YORK MELLON	SECTION 7 TOWNSHIP 19N RANGE 21W BERMUDANA	$1,378.61 2023 & PRIOR
3027	R0005355 22200597	FOLK JAMES E & MARY J	SECTION 7 TOWNSHIP 19N RANGE 21W DESERT VIS	$1,116.50 2023
3028	R0005356 22201026	JACKSON ROBERT N	SECTION 7 TOWNSHIP 19N RANGE 21W DESERT VIS	$308.10 2023
3029	R0005360 22201081	TRANSAMERICA TITLE INS CO	SECTION 7 TOWNSHIP 19N RANGE 21W DESERT VIS	$1,344.42 2023 & PRIOR
3030	R0005363 22201088	LEWIS BILL	SECTION 7 TOWNSHIP 19N RANGE 21W DESERT VIS	$136.42 2023
3031	R0005368 22201102	LEWIS BILL	SECTION 7 TOWNSHIP 19N RANGE 21W DESERT VIS	$136.42 2023
3032	R0005372 22201128	GRAVES CHRIS	SECTION 7 TOWNSHIP 19N RANGE 21W DESERT VIS	$136.42 2023
3033	R0005374 22201176	CLEVELAND BREACHA ANDREA	SECTION 7 TOWNSHIP 19N RANGE 21W DESERT VIS	$356.36 2023
3034	R0005376 22201186	DANIELS JESSIE	SECTION 7 TOWNSHIP 19N RANGE 21W DESERT VIS	$298.15 2023 & PRIOR
3035	R0005380 22201190	CURCIO CLAYTON D	SECTION 7 TOWNSHIP 19N RANGE 21W DESERT VIS	$236.66 2023 & PRIOR
3036	R0005383 22201192	CHANG LYNETTE WAI KIN LEE	SECTION 7 TOWNSHIP 19N RANGE 21W DESERT VIS	$358.36 2023
TRUSTEE
3037	R0005386 22201195	CHANG LYNETTE WAI KIN LEE	SECTION 7 TOWNSHIP 19N RANGE 21W DESERT VIS	$358.36 2023
TRUSTEE
3038	R0005401 22201211	CURCIO CLAYTON D	SECTION 7 TOWNSHIP 19N RANGE 21W DESERT VIS	$278.42 2023 & PRIOR
3039	R0005404 22201213	CURCIO CLAYTON D	SECTION 7 TOWNSHIP 19N RANGE 21W DESERT VIS	$278.42 2023 & PRIOR
3040	R0005406 22201214	GREEN JOHN & URSULA	SECTION 7 TOWNSHIP 19N RANGE 21W DESERT VIS	$291.26 2023
3041	R0005409 22201217	PACILBA LOIS	SECTION 7 TOWNSHIP 19N RANGE 21W DESERT VIS	$291.26 2023
3042	R0005410 22201218	PACILBA LOIS	SECTION 7 TOWNSHIP 19N RANGE 21W DESERT VIS	$291.26 2023
3043	R0005412 22201221	SISTILLO MARK A & MICHELLE L	SECTION 7 TOWNSHIP 19N RANGE 21W DESERT VIS	$356.36 2023
3044	R0005413 22201259	SMOCOSKIS JOSEPH	SECTION 7 TOWNSHIP 19N RANGE 21W DESERT VIS	$386.60 2023
3045	R0005415 22201275	PACHECO JOSE ANA JUS	SECTION 7 TOWNSHIP 19N RANGE 21W DESERT VIS	$356.36 2023
3046	R0005418 22201284	PACILBA LOIS	SECTION 7 TOWNSHIP 19N RANGE 21W DESERT VIS	$171.71 2023 & PRIOR
